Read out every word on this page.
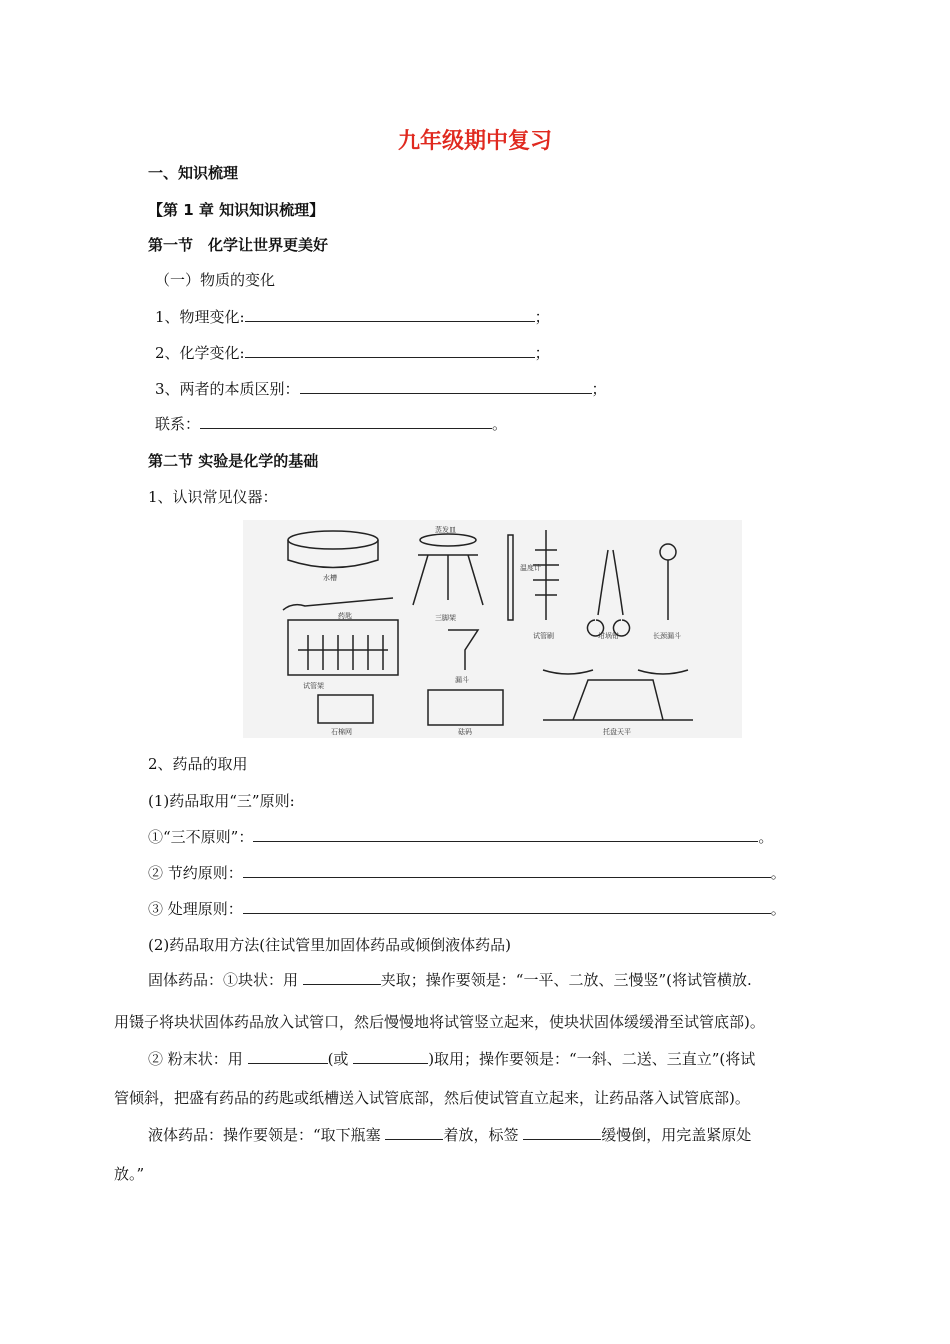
九年级期中复习
一、知识梳理
【第 1 章 知识知识梳理】
第一节　化学让世界更美好
（一）物质的变化
1、物理变化:	；
2、化学变化:	；
3、两者的本质区别：	；
联系：	。
第二节 实验是化学的基础
1、认识常见仪器：
水槽
药匙
蒸发皿
三脚架
温度计
试管刷	坩埚钳	长颈漏斗
试管架
漏斗
石棉网	砝码	托盘天平
2、药品的取用
(1)药品取用“三”原则:
①“三不原则”：	。
② 节约原则：	。
③ 处理原则：	。
(2)药品取用方法(往试管里加固体药品或倾倒液体药品)
固体药品：①块状：用	夹取；操作要领是：“一平、二放、三慢竖”(将试管横放.
用镊子将块状固体药品放入试管口，然后慢慢地将试管竖立起来，使块状固体缓缓滑至试管底部)。
② 粉末状：用	(或	)取用；操作要领是：“一斜、二送、三直立”(将试
管倾斜，把盛有药品的药匙或纸槽送入试管底部，然后使试管直立起来，让药品落入试管底部)。
液体药品：操作要领是：“取下瓶塞	着放，标签	缓慢倒，用完盖紧原处
放。”
